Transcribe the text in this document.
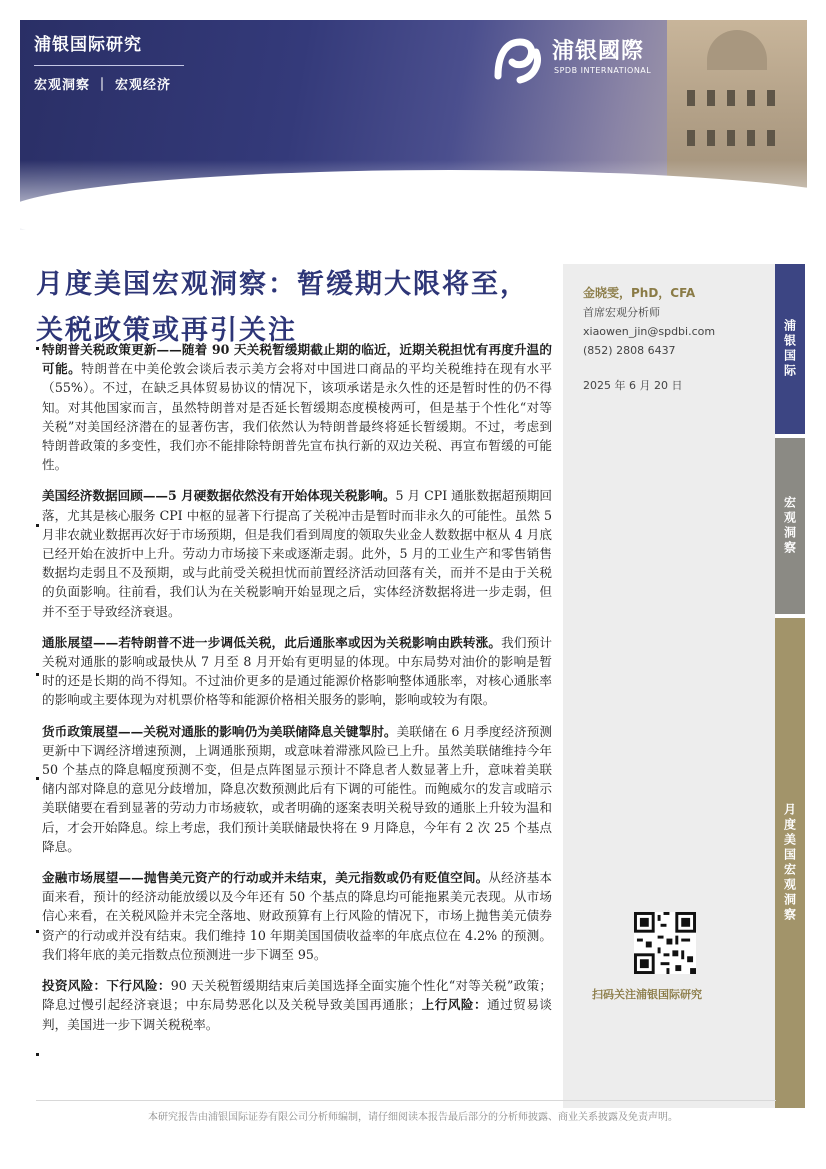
浦银国际研究
宏观洞察 ｜ 宏观经济
浦银國際
SPDB INTERNATIONAL
月度美国宏观洞察：暂缓期大限将至，关税政策或再引关注
金晓雯，PhD，CFA
首席宏观分析师
xiaowen_jin@spdbi.com
(852) 2808 6437
2025 年 6 月 20 日
扫码关注浦银国际研究
浦银国际
宏观洞察
月度美国宏观洞察

特朗普关税政策更新——随着 90 天关税暂缓期截止期的临近，近期关税担忧有再度升温的可能。特朗普在中美伦敦会谈后表示美方会将对中国进口商品的平均关税维持在现有水平（55%）。不过，在缺乏具体贸易协议的情况下，该项承诺是永久性的还是暂时性的仍不得知。对其他国家而言，虽然特朗普对是否延长暂缓期态度模棱两可，但是基于个性化“对等关税”对美国经济潜在的显著伤害，我们依然认为特朗普最终将延长暂缓期。不过，考虑到特朗普政策的多变性，我们亦不能排除特朗普先宣布执行新的双边关税、再宣布暂缓的可能性。

美国经济数据回顾——5 月硬数据依然没有开始体现关税影响。5 月 CPI 通胀数据超预期回落，尤其是核心服务 CPI 中枢的显著下行提高了关税冲击是暂时而非永久的可能性。虽然 5 月非农就业数据再次好于市场预期，但是我们看到周度的领取失业金人数数据中枢从 4 月底已经开始在波折中上升。劳动力市场接下来或逐渐走弱。此外，5 月的工业生产和零售销售数据均走弱且不及预期，或与此前受关税担忧而前置经济活动回落有关，而并不是由于关税的负面影响。往前看，我们认为在关税影响开始显现之后，实体经济数据将进一步走弱，但并不至于导致经济衰退。

通胀展望——若特朗普不进一步调低关税，此后通胀率或因为关税影响由跌转涨。我们预计关税对通胀的影响或最快从 7 月至 8 月开始有更明显的体现。中东局势对油价的影响是暂时的还是长期的尚不得知。不过油价更多的是通过能源价格影响整体通胀率，对核心通胀率的影响或主要体现为对机票价格等和能源价格相关服务的影响，影响或较为有限。

货币政策展望——关税对通胀的影响仍为美联储降息关键掣肘。美联储在 6 月季度经济预测更新中下调经济增速预测，上调通胀预期，或意味着滞涨风险已上升。虽然美联储维持今年 50 个基点的降息幅度预测不变，但是点阵图显示预计不降息者人数显著上升，意味着美联储内部对降息的意见分歧增加，降息次数预测此后有下调的可能性。而鲍威尔的发言或暗示美联储要在看到显著的劳动力市场疲软，或者明确的逐案表明关税导致的通胀上升较为温和后，才会开始降息。综上考虑，我们预计美联储最快将在 9 月降息，今年有 2 次 25 个基点降息。

金融市场展望——抛售美元资产的行动或并未结束，美元指数或仍有贬值空间。从经济基本面来看，预计的经济动能放缓以及今年还有 50 个基点的降息均可能拖累美元表现。从市场信心来看，在关税风险并未完全落地、财政预算有上行风险的情况下，市场上抛售美元债券资产的行动或并没有结束。我们维持 10 年期美国国债收益率的年底点位在 4.2% 的预测。我们将年底的美元指数点位预测进一步下调至 95。

投资风险：下行风险：90 天关税暂缓期结束后美国选择全面实施个性化“对等关税”政策；降息过慢引起经济衰退；中东局势恶化以及关税导致美国再通胀；上行风险：通过贸易谈判，美国进一步下调关税税率。

本研究报告由浦银国际证券有限公司分析师编制，请仔细阅读本报告最后部分的分析师披露、商业关系披露及免责声明。
